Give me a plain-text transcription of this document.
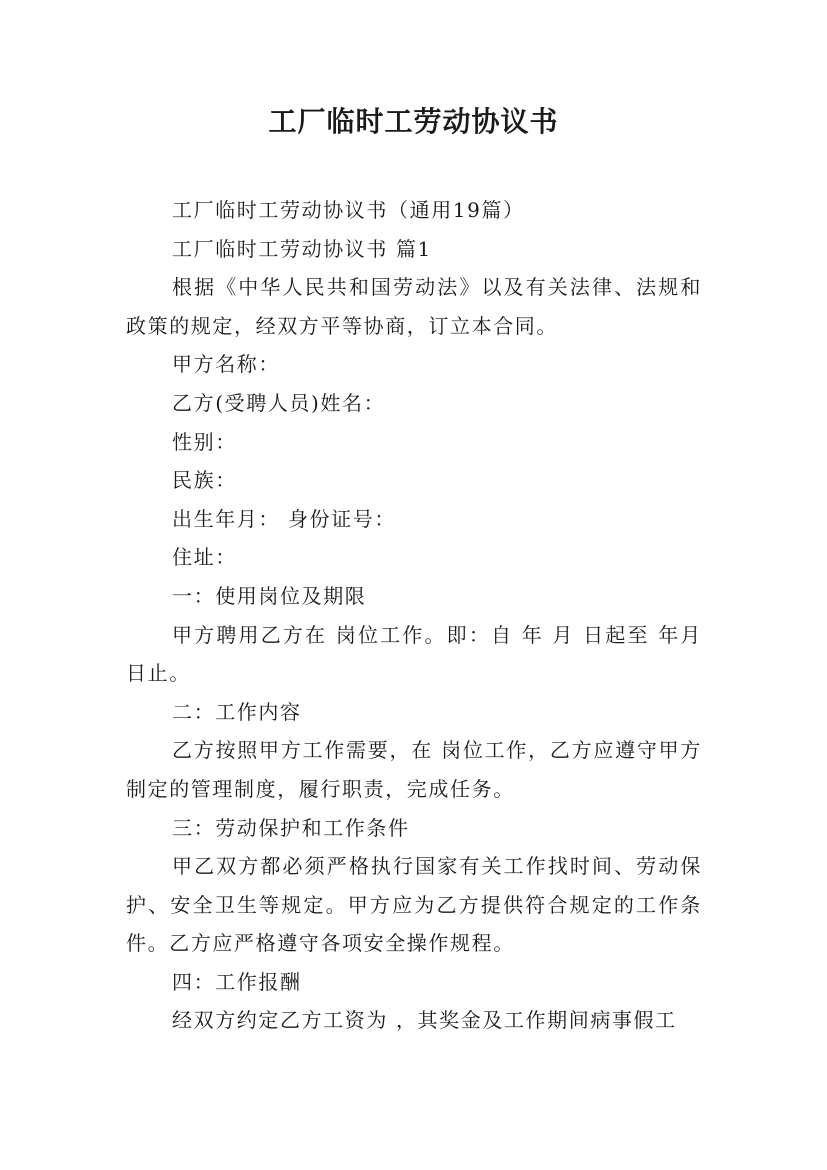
工厂临时工劳动协议书

工厂临时工劳动协议书（通用19篇）

工厂临时工劳动协议书 篇1

根据《中华人民共和国劳动法》以及有关法律、法规和政策的规定，经双方平等协商，订立本合同。

甲方名称：

乙方(受聘人员)姓名：

性别：

民族：

出生年月： 身份证号：

住址：

一：使用岗位及期限

甲方聘用乙方在 岗位工作。即：自 年 月 日起至 年月 日止。

二：工作内容

乙方按照甲方工作需要，在 岗位工作，乙方应遵守甲方制定的管理制度，履行职责，完成任务。

三：劳动保护和工作条件

甲乙双方都必须严格执行国家有关工作找时间、劳动保护、安全卫生等规定。甲方应为乙方提供符合规定的工作条件。乙方应严格遵守各项安全操作规程。

四：工作报酬

经双方约定乙方工资为 ，其奖金及工作期间病事假工
